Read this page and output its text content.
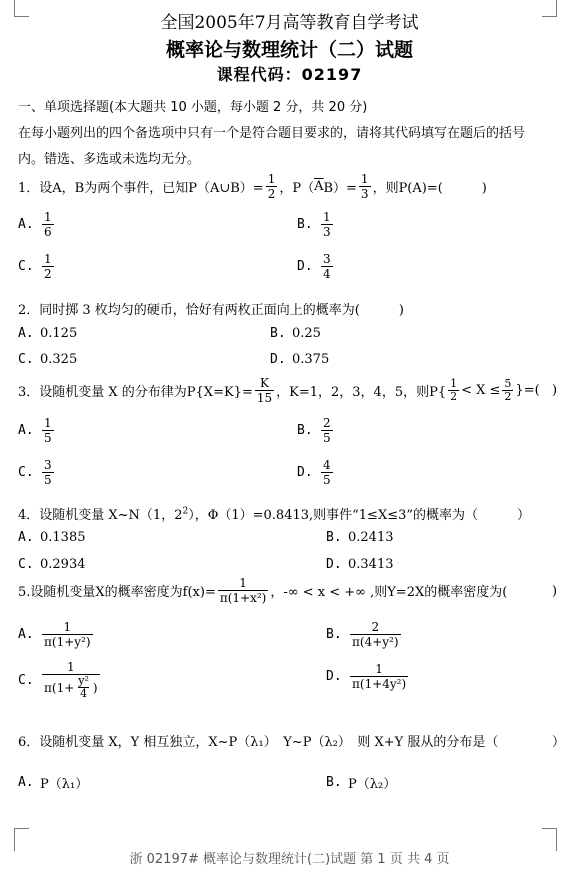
全国2005年7月高等教育自学考试
概率论与数理统计（二）试题
课程代码：02197
一、单项选择题(本大题共 10 小题，每小题 2 分，共 20 分)
在每小题列出的四个备选项中只有一个是符合题目要求的，请将其代码填写在题后的括号
内。错选、多选或未选均无分。
1．设A，B为两个事件，已知P（A∪B）= $\frac{1}{2}$ ，P（ $\overline{A}$ $B)= \frac{1}{3}$ ，则P(A)=(　　　)
A. $\frac{1}{6}$	B. $\frac{1}{3}$
C. $\frac{1}{2}$	D. $\frac{3}{4}$
2．同时掷 3 枚均匀的硬币，恰好有两枚正面向上的概率为(　　　)
A. 0.125	B. 0.25
C. 0.325	D. 0.375
3．设随机变量 X 的分布律为$P\{X=K\}= \frac{K}{15}$ ，K=1，2，3，4，5，则$P\{ \frac{1}{2} < X \le \frac{5}{2}$ }=( )
A. $\frac{1}{5}$	B. $\frac{2}{5}$
C. $\frac{3}{5}$	D. $\frac{4}{5}$
4．设随机变量 X~N（1，$2^2$），Φ（1）=0.8413,则事件“1≤X≤3”的概率为（　　　）
A. 0.1385	B. 0.2413
C. 0.2934	D. 0.3413
5.设随机变量X的概率密度为$f(x)= \frac{1}{\text{π(1+x²)}}$ ，-∞ < x < +∞ ,则Y=2X的概率密度为(	)
A. $\frac{1}{\text{π(1+y²)}}$	B. $\frac{2}{\text{π(4+y²)}}$
C. $\frac{1}{\pi(1+ \frac{\text{y²}}{4} )}$	D. $\frac{1}{\text{π(1+4y²)}}$
6．设随机变量 X，Y 相互独立，X~P（λ₁）　Y~P（λ₂）　则 X+Y 服从的分布是（	）
A. P（λ₁）	B. P（λ₂）
浙 02197# 概率论与数理统计(二)试题 第 1 页 共 4 页
